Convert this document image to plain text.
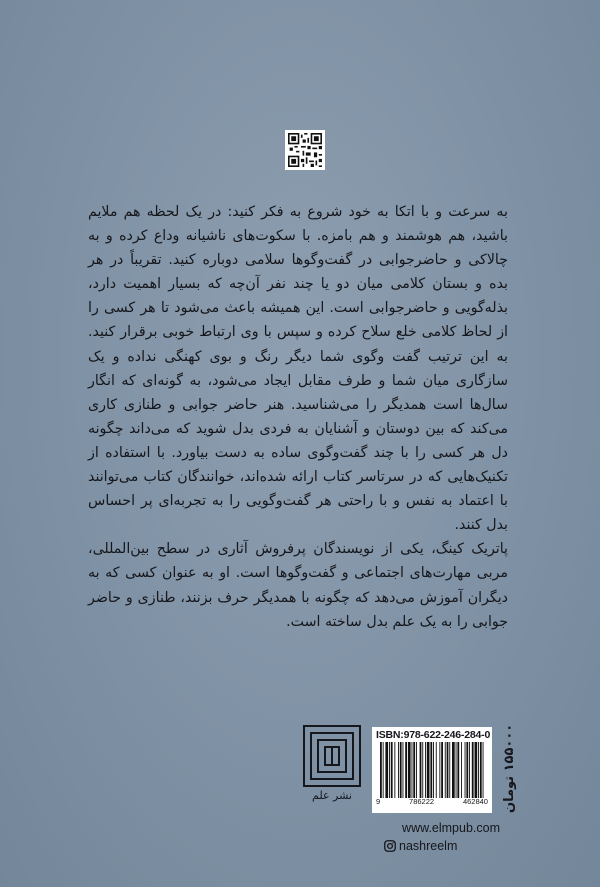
به سرعت و با اتکا به خود شروع به فکر کنید: در یک لحظه هم ملایم باشید، هم هوشمند و هم بامزه. با سکوت‌های ناشیانه وداع کرده و به چالاکی و حاضرجوابی در گفت‌وگوها سلامی دوباره کنید. تقریباً در هر بده و بستان کلامی میان دو یا چند نفر آن‌چه که بسیار اهمیت دارد، بذله‌گویی و حاضرجوابی است. این همیشه باعث می‌شود تا هر کسی را از لحاظ کلامی خلع سلاح کرده و سپس با وی ارتباط خوبی برقرار کنید. به این ترتیب گفت وگوی شما دیگر رنگ و بوی کهنگی نداده و یک سازگاری میان شما و طرف مقابل ایجاد می‌شود، به گونه‌ای که انگار سال‌ها است همدیگر را می‌شناسید. هنر حاضر جوابی و طنازی کاری می‌کند که بین دوستان و آشنایان به فردی بدل شوید که می‌داند چگونه دل هر کسی را با چند گفت‌وگوی ساده به دست بیاورد. با استفاده از تکنیک‌هایی که در سرتاسر کتاب ارائه شده‌اند، خوانندگان کتاب می‌توانند با اعتماد به نفس و با راحتی هر گفت‌وگویی را به تجربه‌ای پر احساس بدل کنند.

پاتریک کینگ، یکی از نویسندگان پرفروش آثاری در سطح بین‌المللی، مربی مهارت‌های اجتماعی و گفت‌وگوها است. او به عنوان کسی که به دیگران آموزش می‌دهد که چگونه با همدیگر حرف بزنند، طنازی و حاضر جوابی را به یک علم بدل ساخته است.

نشر علم
ISBN:978-622-246-284-0
9	786222	462840 ۱۵۵۰۰۰ تومان
www.elmpub.com
nashreelm
